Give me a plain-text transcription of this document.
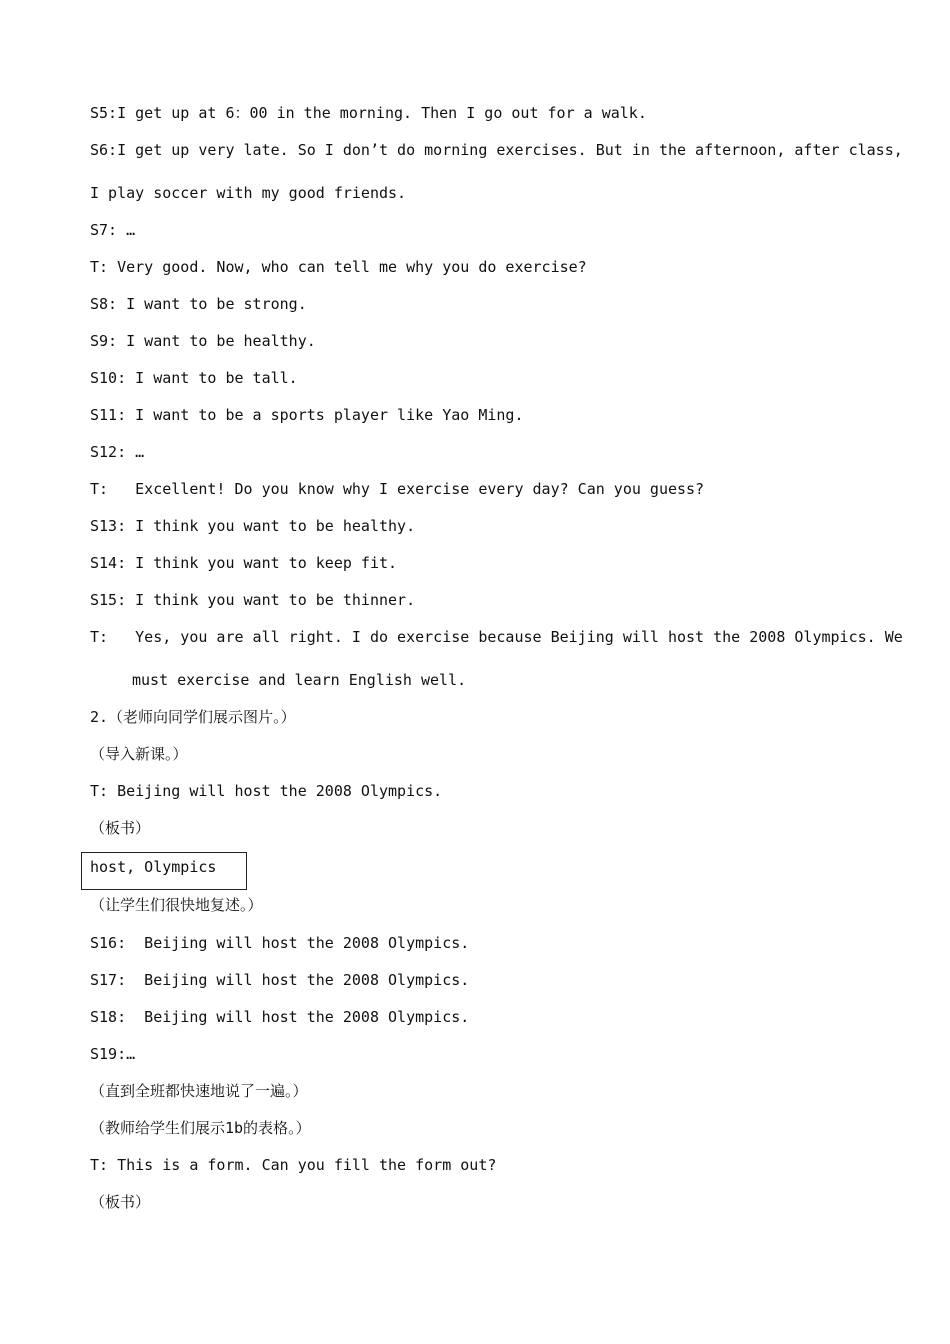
S5:I get up at 6：00 in the morning. Then I go out for a walk.
S6:I get up very late. So I don’t do morning exercises. But in the afternoon, after class,
I play soccer with my good friends.
S7: …
T: Very good. Now, who can tell me why you do exercise?
S8: I want to be strong.
S9: I want to be healthy.
S10: I want to be tall.
S11: I want to be a sports player like Yao Ming.
S12: …
T:   Excellent! Do you know why I exercise every day? Can you guess?
S13: I think you want to be healthy.
S14: I think you want to keep fit.
S15: I think you want to be thinner.
T:   Yes, you are all right. I do exercise because Beijing will host the 2008 Olympics. We
must exercise and learn English well.
2.（老师向同学们展示图片。）
（导入新课。）
T: Beijing will host the 2008 Olympics.
（板书）
host, Olympics
（让学生们很快地复述。）
S16:  Beijing will host the 2008 Olympics.
S17:  Beijing will host the 2008 Olympics.
S18:  Beijing will host the 2008 Olympics.
S19:…
（直到全班都快速地说了一遍。）
（教师给学生们展示1b的表格。）
T: This is a form. Can you fill the form out?
（板书）
